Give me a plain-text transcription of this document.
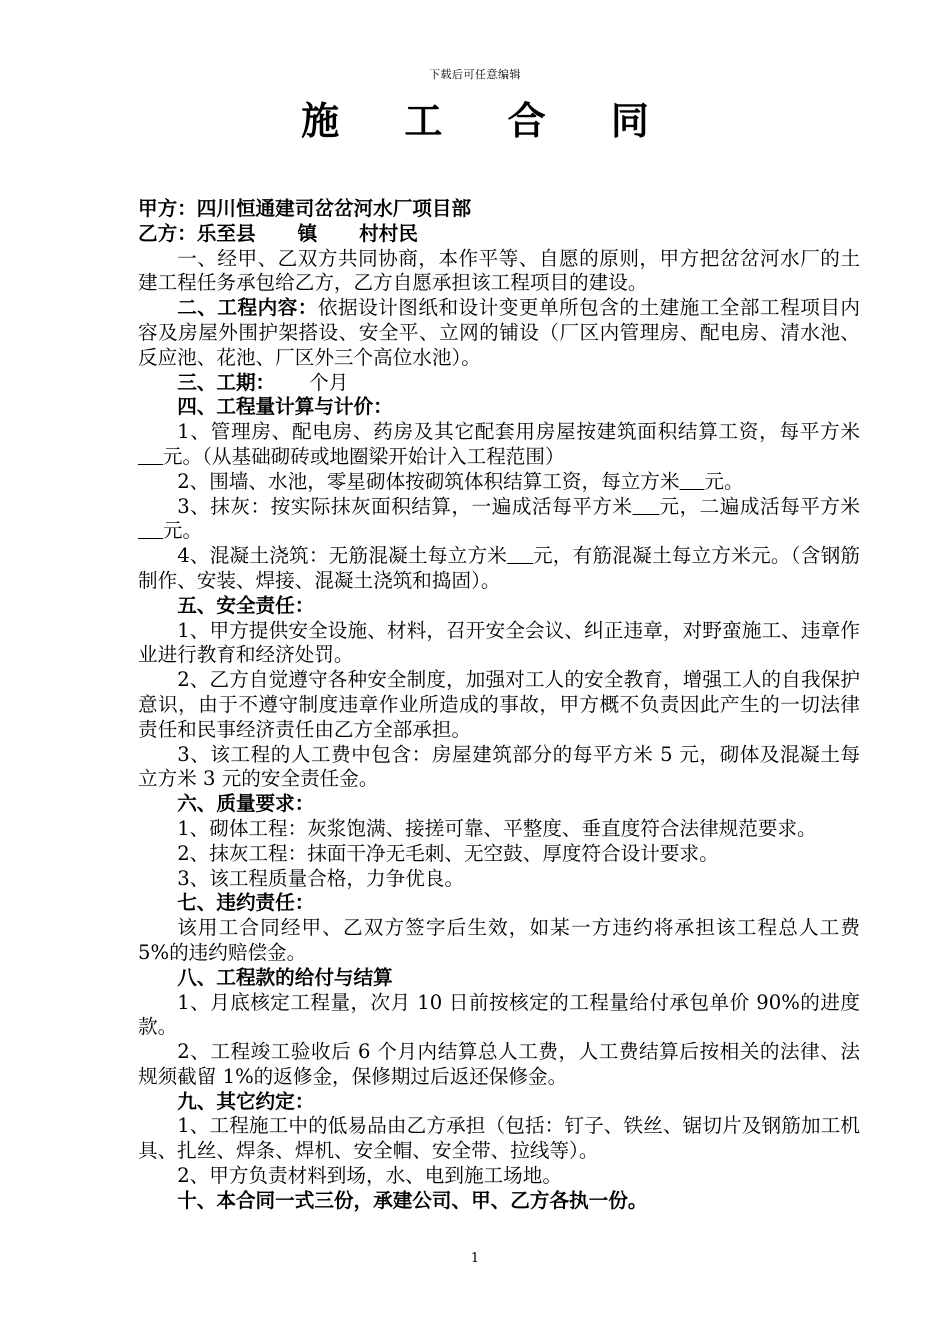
下载后可任意编辑
施 工 合 同

甲方：四川恒通建司岔岔河水厂项目部

乙方：乐至县 镇 村村民

一、经甲、乙双方共同协商，本作平等、自愿的原则，甲方把岔岔河水厂的土建工程任务承包给乙方，乙方自愿承担该工程项目的建设。

二、工程内容：依据设计图纸和设计变更单所包含的土建施工全部工程项目内容及房屋外围护架搭设、安全平、立网的铺设（厂区内管理房、配电房、清水池、反应池、花池、厂区外三个高位水池）。

三、工期： 个月

四、工程量计算与计价：

1、管理房、配电房、药房及其它配套用房屋按建筑面积结算工资，每平方米    元。（从基础砌砖或地圈梁开始计入工程范围）

2、围墙、水池，零星砌体按砌筑体积结算工资，每立方米 元。

3、抹灰：按实际抹灰面积结算，一遍成活每平方米 元，二遍成活每平方米    元。

4、混凝土浇筑：无筋混凝土每立方米 元，有筋混凝土每立方米元。（含钢筋制作、安装、焊接、混凝土浇筑和捣固）。

五、安全责任：

1、甲方提供安全设施、材料，召开安全会议、纠正违章，对野蛮施工、违章作业进行教育和经济处罚。

2、乙方自觉遵守各种安全制度，加强对工人的安全教育，增强工人的自我保护意识，由于不遵守制度违章作业所造成的事故，甲方概不负责因此产生的一切法律责任和民事经济责任由乙方全部承担。

3、该工程的人工费中包含：房屋建筑部分的每平方米 5 元，砌体及混凝土每立方米 3 元的安全责任金。

六、质量要求：

1、砌体工程：灰浆饱满、接搓可靠、平整度、垂直度符合法律规范要求。

2、抹灰工程：抹面干净无毛刺、无空鼓、厚度符合设计要求。

3、该工程质量合格，力争优良。

七、违约责任：

该用工合同经甲、乙双方签字后生效，如某一方违约将承担该工程总人工费 5%的违约赔偿金。

八、工程款的给付与结算

1、月底核定工程量，次月 10 日前按核定的工程量给付承包单价 90%的进度款。

2、工程竣工验收后 6 个月内结算总人工费，人工费结算后按相关的法律、法规须截留 1%的返修金，保修期过后返还保修金。

九、其它约定：

1、工程施工中的低易品由乙方承担（包括：钉子、铁丝、锯切片及钢筋加工机具、扎丝、焊条、焊机、安全帽、安全带、拉线等）。

2、甲方负责材料到场，水、电到施工场地。

十、本合同一式三份，承建公司、甲、乙方各执一份。

1
